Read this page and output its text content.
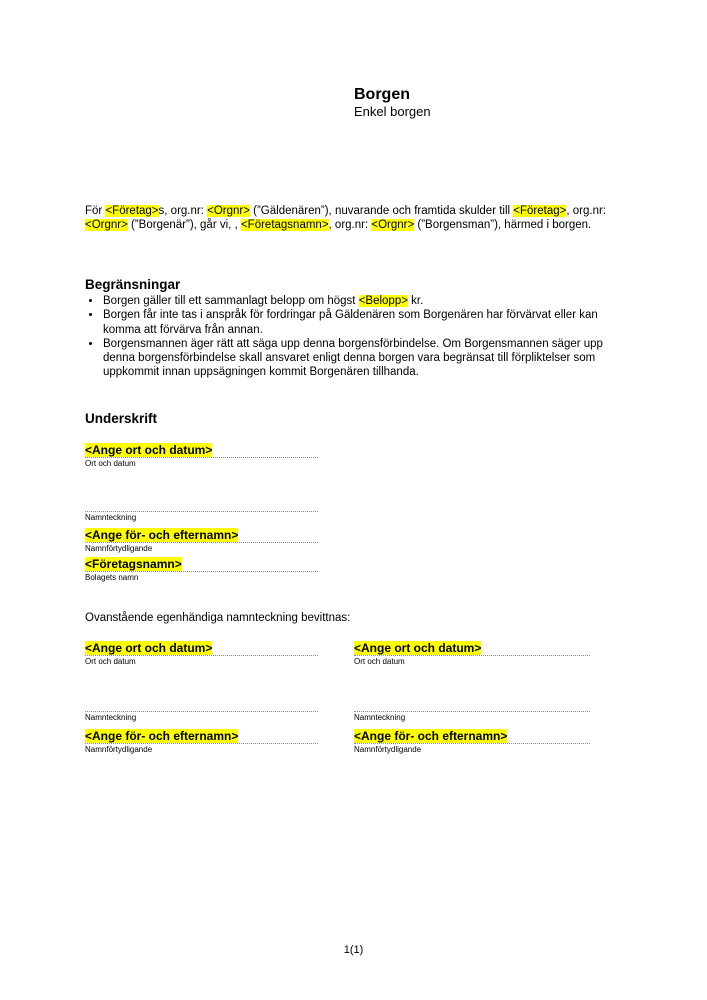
Borgen
Enkel borgen

För <Företag>s, org.nr: <Orgnr> (”Gäldenären”), nuvarande och framtida skulder till <Företag>, org.nr: <Orgnr> (”Borgenär”), går vi, , <Företagsnamn>, org.nr: <Orgnr> (”Borgensman”), härmed i borgen.

Begränsningar
• Borgen gäller till ett sammanlagt belopp om högst <Belopp> kr.
• Borgen får inte tas i anspråk för fordringar på Gäldenären som Borgenären har förvärvat eller kan komma att förvärva från annan.
• Borgensmannen äger rätt att säga upp denna borgensförbindelse. Om Borgensmannen säger upp denna borgensförbindelse skall ansvaret enligt denna borgen vara begränsat till förpliktelser som uppkommit innan uppsägningen kommit Borgenären tillhanda.
Underskrift
<Ange ort och datum>
Ort och datum
Namnteckning
<Ange för- och efternamn>
Namnförtydligande
<Företagsnamn>
Bolagets namn

Ovanstående egenhändiga namnteckning bevittnas:

<Ange ort och datum>
Ort och datum
Namnteckning
<Ange för- och efternamn>
Namnförtydligande
<Ange ort och datum>
Ort och datum
Namnteckning
<Ange för- och efternamn>
Namnförtydligande
1(1)
